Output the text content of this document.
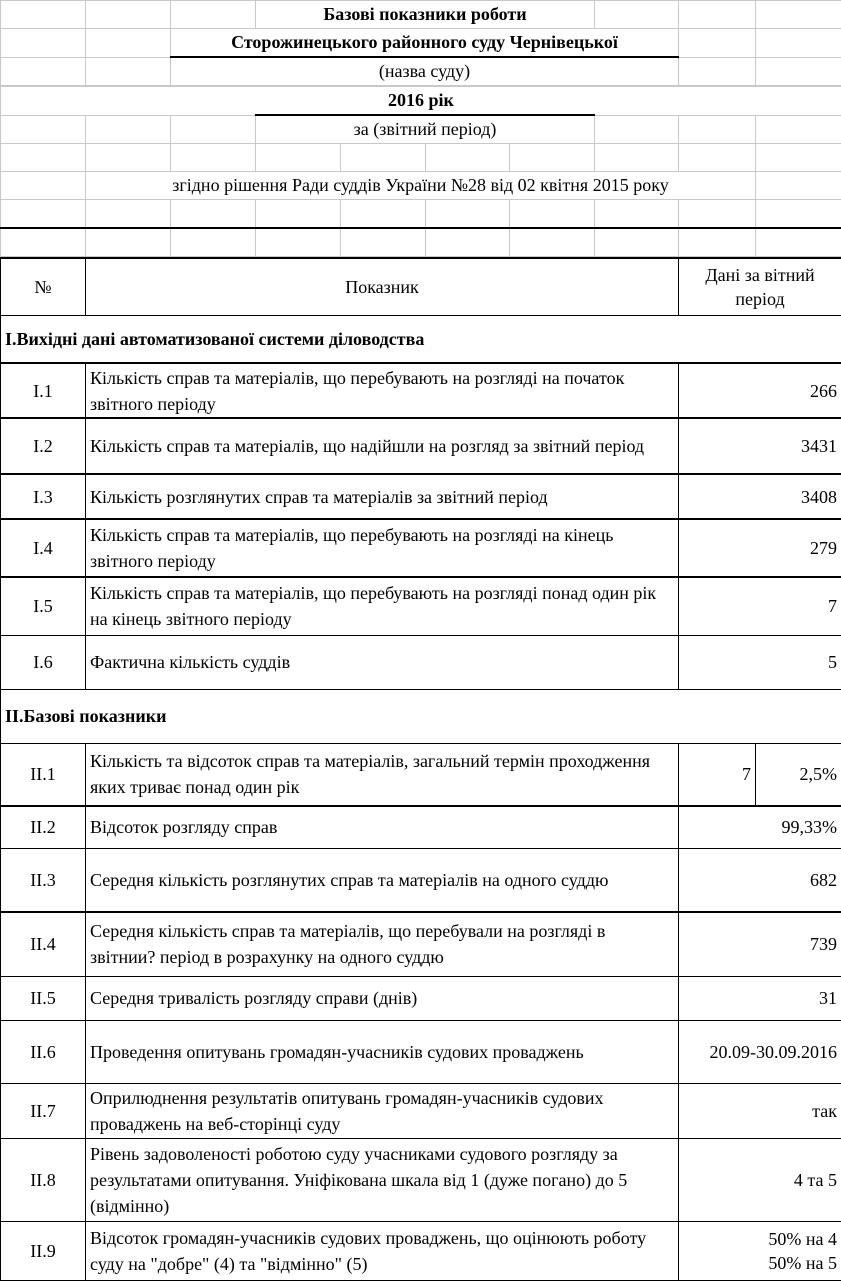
			Базові показники роботи						
		Сторожинецького районного суду Чернівецької							
		(назва суду)							
2016 рік									
			за (звітний період)						

	згідно рішення Ради суддів України №28 від 02 квітня 2015 року								

№	Показник	Дані за вітний період	
І.Вихідні дані автоматизованої системи діловодства			
І.1	Кількість справ та матеріалів, що перебувають на розгляді на початок звітного періоду	266	
І.2	Кількість справ та матеріалів, що надійшли на розгляд за звітний період	3431	
І.3	Кількість розглянутих справ та матеріалів за звітний період	3408	
І.4	Кількість справ та матеріалів, що перебувають на розгляді на кінець звітного періоду	279	
І.5	Кількість справ та матеріалів, що перебувають на розгляді понад один рік на кінець звітного періоду	7	
І.6	Фактична кількість суддів	5	
ІІ.Базові показники			
ІІ.1	Кількість та відсоток справ та матеріалів, загальний термін проходження яких триває понад один рік	7	2,5%
ІІ.2	Відсоток розгляду справ	99,33%	
ІІ.3	Середня кількість розглянутих справ та матеріалів на одного суддю	682	
ІІ.4	Середня кількість справ та матеріалів, що перебували на розгляді в звітнии? період в розрахунку на одного суддю	739	
ІІ.5	Середня тривалість розгляду справи (днів)	31	
ІІ.6	Проведення опитувань громадян-учасників судових проваджень	20.09-30.09.2016	
ІІ.7	Оприлюднення результатів опитувань громадян-учасників судових проваджень на веб-сторінці суду	так	
ІІ.8	Рівень задоволеності роботою суду учасниками судового розгляду за результатами опитування. Уніфікована шкала від 1 (дуже погано) до 5 (відмінно)	4 та 5	
ІІ.9	Відсоток громадян-учасників судових проваджень, що оцінюють роботу суду на "добре" (4) та "відмінно" (5)	50% на 4
50% на 5	
